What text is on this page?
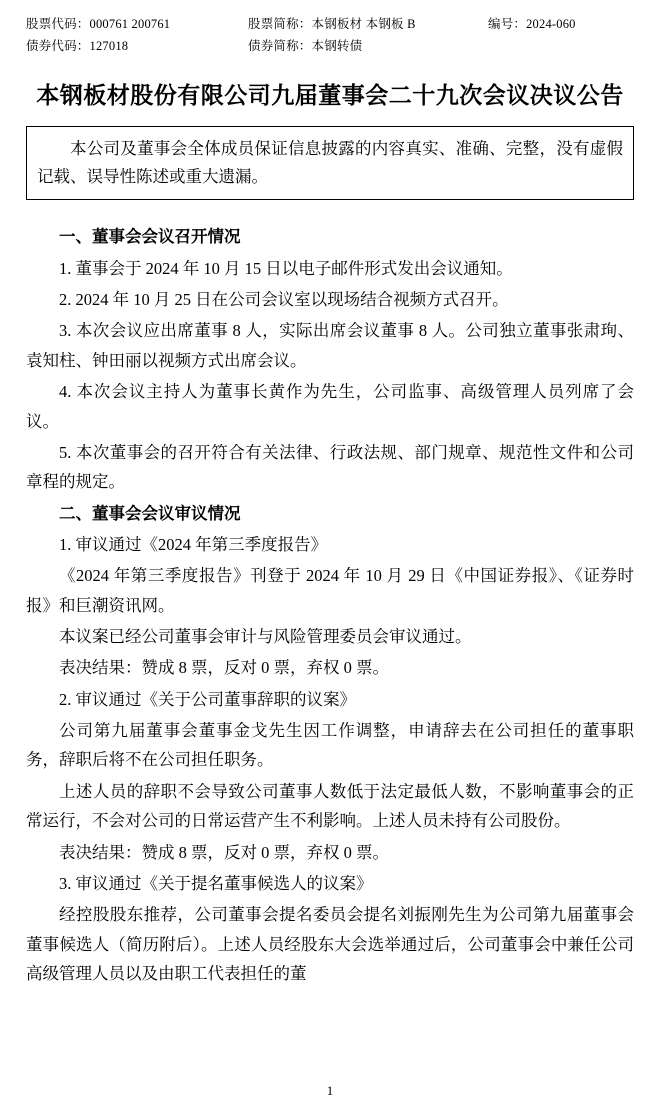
股票代码：000761 200761	股票简称：本钢板材 本钢板 B	编号：2024-060
债券代码：127018	债券简称：本钢转债
本钢板材股份有限公司九届董事会二十九次会议决议公告

本公司及董事会全体成员保证信息披露的内容真实、准确、完整，没有虚假记载、误导性陈述或重大遗漏。

一、董事会会议召开情况

1. 董事会于 2024 年 10 月 15 日以电子邮件形式发出会议通知。

2. 2024 年 10 月 25 日在公司会议室以现场结合视频方式召开。

3. 本次会议应出席董事 8 人，实际出席会议董事 8 人。公司独立董事张肃珣、袁知柱、钟田丽以视频方式出席会议。

4. 本次会议主持人为董事长黄作为先生，公司监事、高级管理人员列席了会议。

5. 本次董事会的召开符合有关法律、行政法规、部门规章、规范性文件和公司章程的规定。

二、董事会会议审议情况

1. 审议通过《2024 年第三季度报告》

《2024 年第三季度报告》刊登于 2024 年 10 月 29 日《中国证券报》、《证券时报》和巨潮资讯网。

本议案已经公司董事会审计与风险管理委员会审议通过。

表决结果：赞成 8 票，反对 0 票，弃权 0 票。

2. 审议通过《关于公司董事辞职的议案》

公司第九届董事会董事金戈先生因工作调整，申请辞去在公司担任的董事职务，辞职后将不在公司担任职务。

上述人员的辞职不会导致公司董事人数低于法定最低人数，不影响董事会的正常运行，不会对公司的日常运营产生不利影响。上述人员未持有公司股份。

表决结果：赞成 8 票，反对 0 票，弃权 0 票。

3. 审议通过《关于提名董事候选人的议案》

经控股股东推荐，公司董事会提名委员会提名刘振刚先生为公司第九届董事会董事候选人（简历附后）。上述人员经股东大会选举通过后，公司董事会中兼任公司高级管理人员以及由职工代表担任的董

1
